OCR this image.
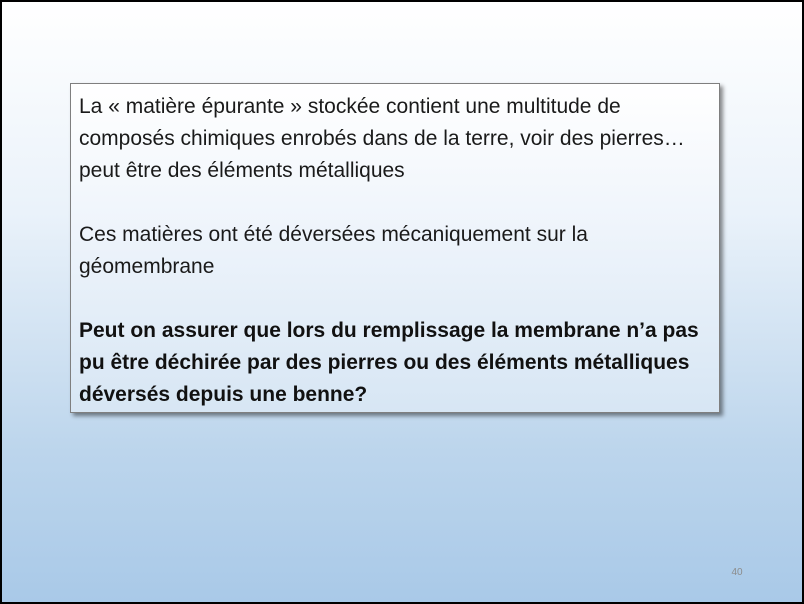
La « matière épurante » stockée contient une multitude de composés chimiques enrobés dans de la terre, voir des pierres… peut être des éléments métalliques

Ces matières ont été déversées mécaniquement sur la géomembrane

Peut on assurer que lors du remplissage la membrane n’a pas pu être déchirée par des pierres ou des éléments métalliques déversés depuis une benne?

40
